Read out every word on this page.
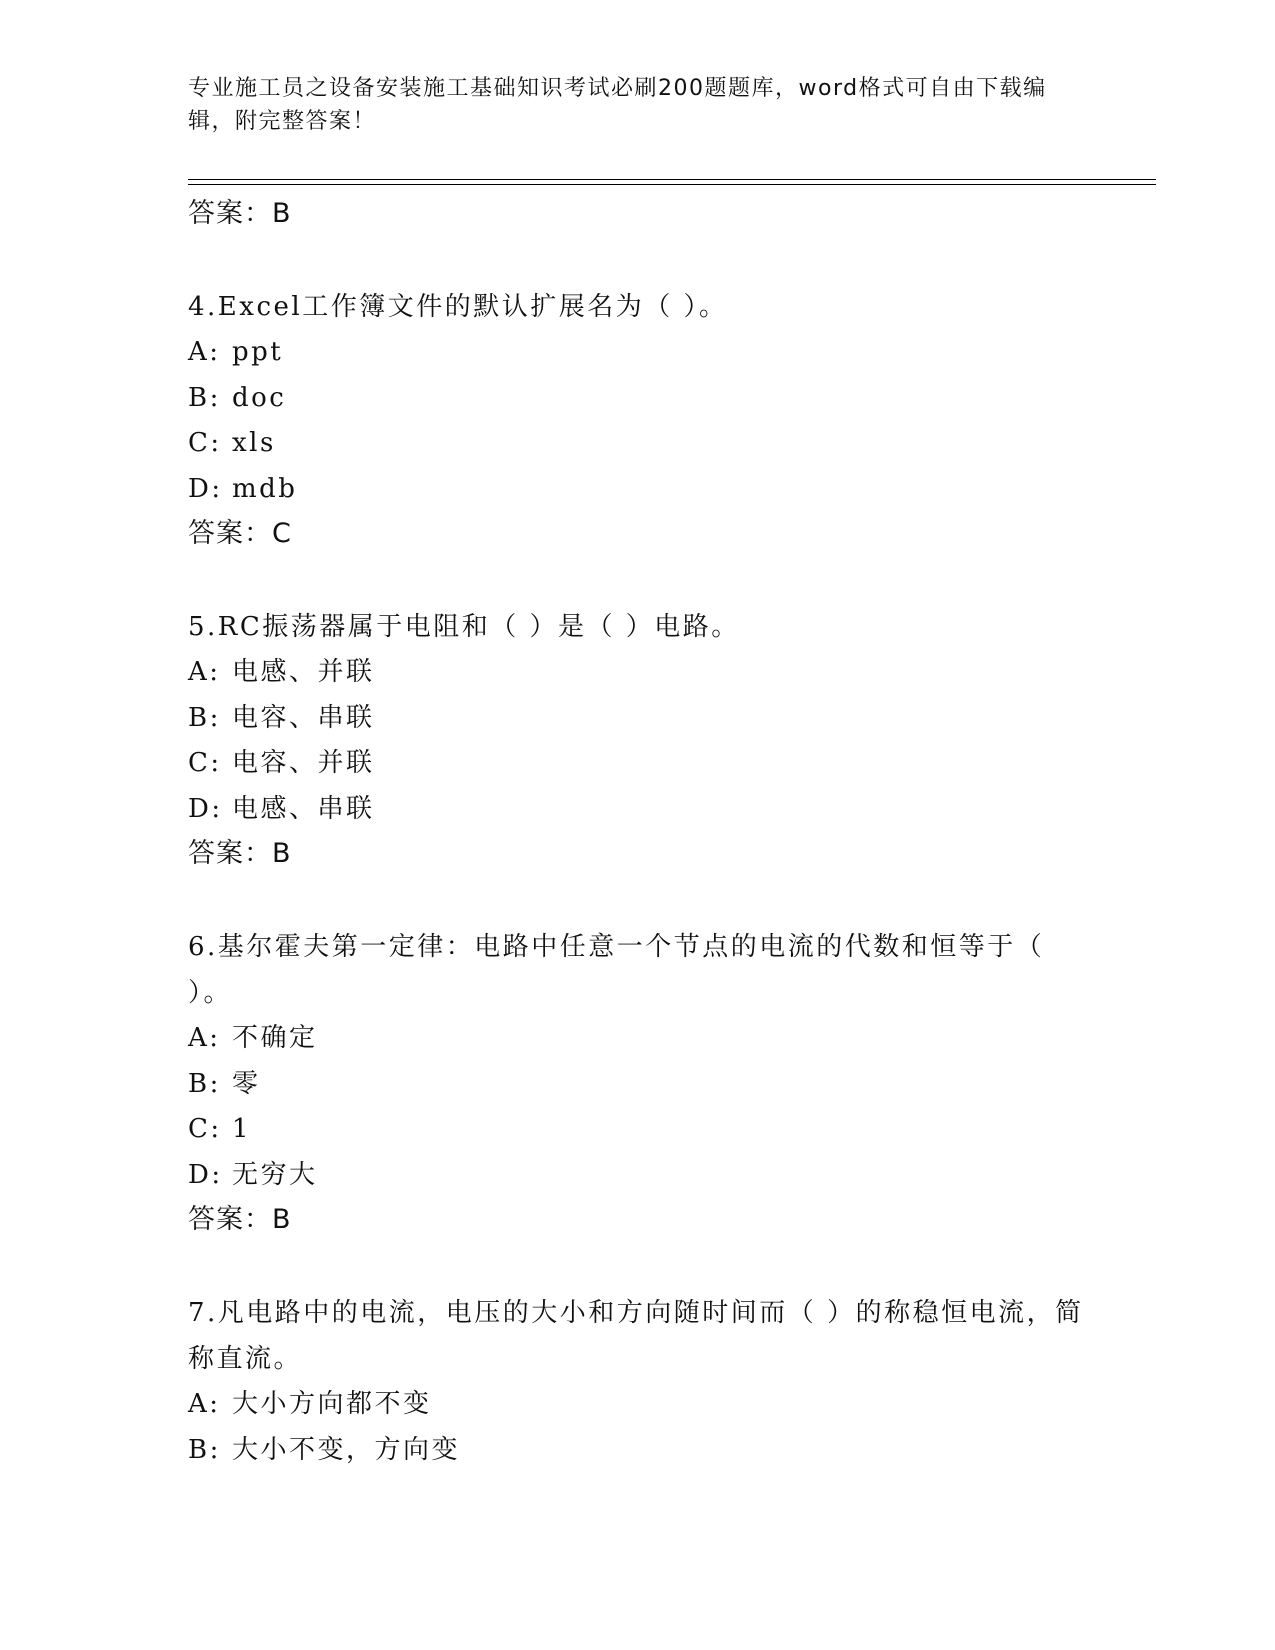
专业施工员之设备安装施工基础知识考试必刷200题题库，word格式可自由下载编辑，附完整答案！
答案：B
4.Excel工作簿文件的默认扩展名为（ ）。
A: ppt
B: doc
C: xls
D: mdb
答案：C
5.RC振荡器属于电阻和（ ）是（ ）电路。
A: 电感、并联
B: 电容、串联
C: 电容、并联
D: 电感、串联
答案：B
6.基尔霍夫第一定律：电路中任意一个节点的电流的代数和恒等于（ ）。
A: 不确定
B: 零
C: 1
D: 无穷大
答案：B
7.凡电路中的电流，电压的大小和方向随时间而（ ）的称稳恒电流，简称直流。
A: 大小方向都不变
B: 大小不变，方向变
